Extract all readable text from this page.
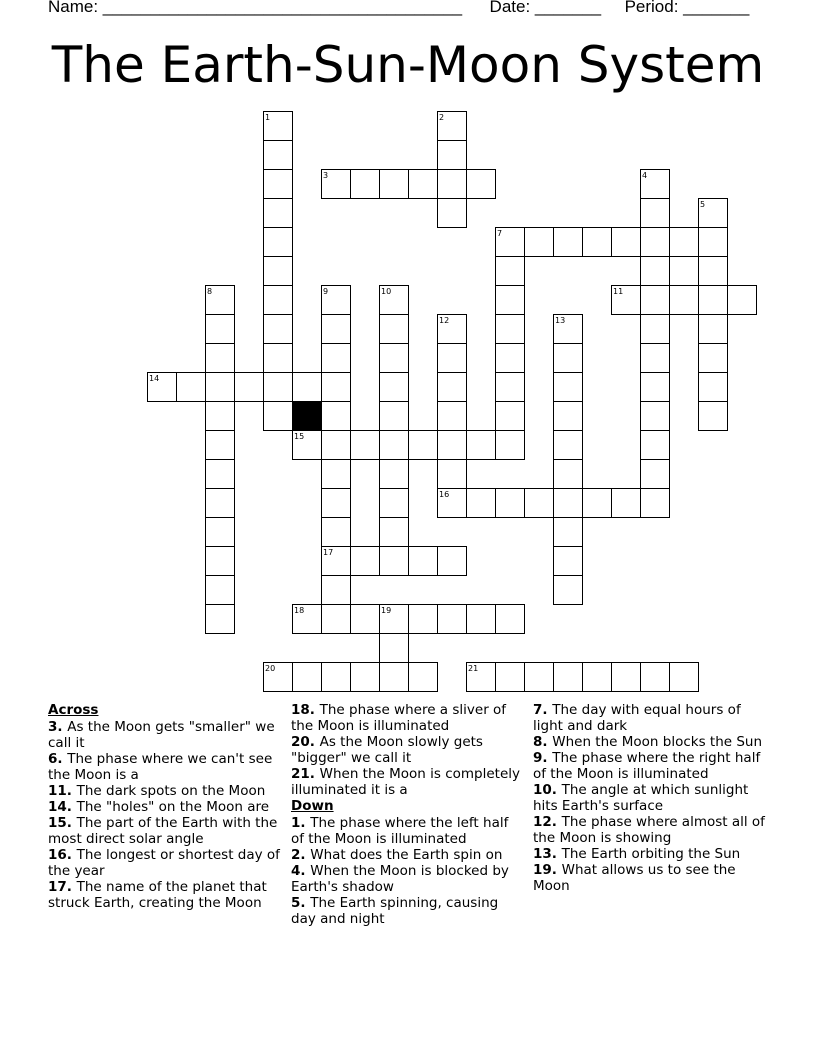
Name: ______________________________________ Date: _______ Period: _______
The Earth-Sun-Moon System
3
7
11
14
15
16
17
18
20	21
1	2
4
5
8	9	10
12	13
19
Across
3. As the Moon gets "smaller" we call it
6. The phase where we can't see the Moon is a
11. The dark spots on the Moon
14. The "holes" on the Moon are
15. The part of the Earth with the most direct solar angle
16. The longest or shortest day of the year
17. The name of the planet that struck Earth, creating the Moon
18. The phase where a sliver of the Moon is illuminated
20. As the Moon slowly gets "bigger" we call it
21. When the Moon is completely illuminated it is a
Down
1. The phase where the left half of the Moon is illuminated
2. What does the Earth spin on
4. When the Moon is blocked by Earth's shadow
5. The Earth spinning, causing day and night
7. The day with equal hours of light and dark
8. When the Moon blocks the Sun
9. The phase where the right half of the Moon is illuminated
10. The angle at which sunlight hits Earth's surface
12. The phase where almost all of the Moon is showing
13. The Earth orbiting the Sun
19. What allows us to see the Moon
